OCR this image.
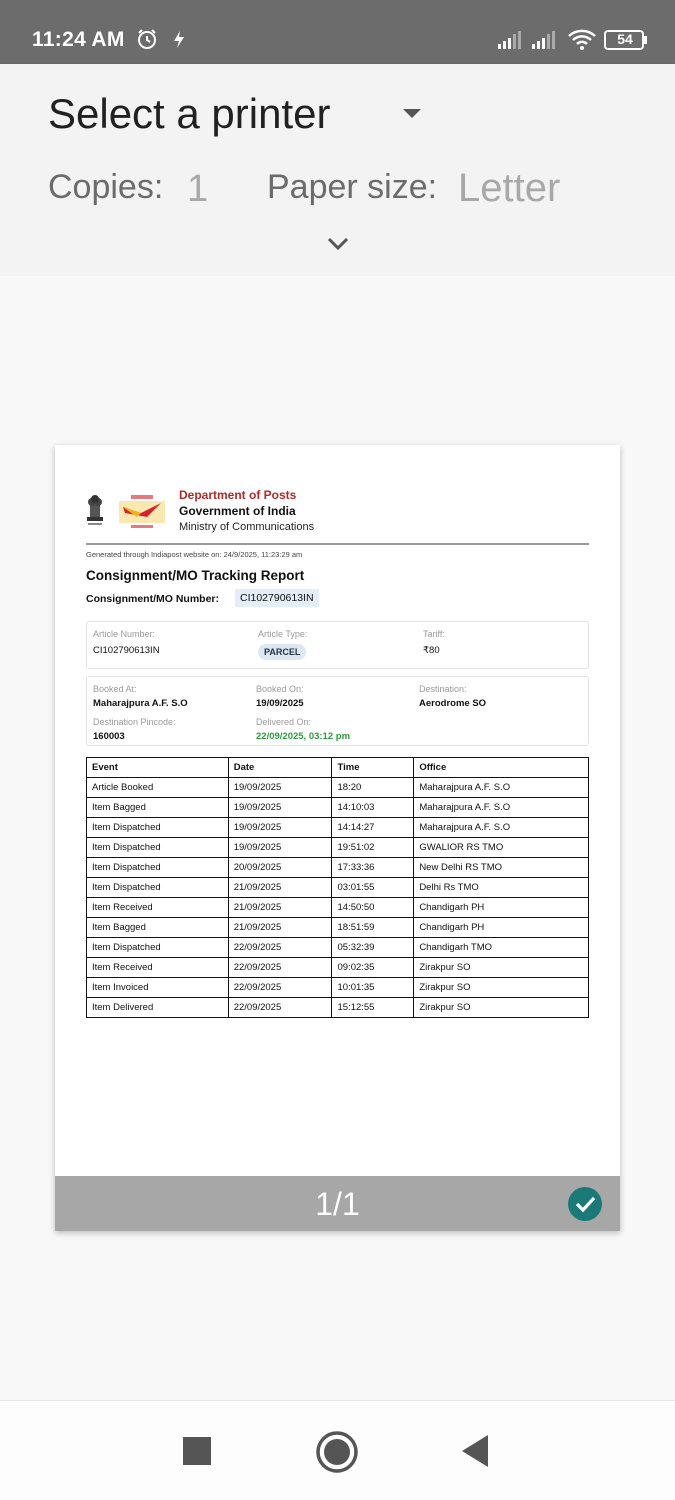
11:24 AM	54
Select a printer
Copies: 1 Paper size: Letter
Department of Posts
Government of India
Ministry of Communications
Generated through Indiapost website on: 24/9/2025, 11:23:29 am
Consignment/MO Tracking Report
Consignment/MO Number:	CI102790613IN
Article Number:
CI102790613IN
Article Type:
PARCEL
Tariff:
₹80
Booked At:
Maharajpura A.F. S.O
Booked On:
19/09/2025
Destination:
Aerodrome SO
Destination Pincode:
160003
Delivered On:
22/09/2025, 03:12 pm
Event	Date	Time	Office
Article Booked	19/09/2025	18:20	Maharajpura A.F. S.O
Item Bagged	19/09/2025	14:10:03	Maharajpura A.F. S.O
Item Dispatched	19/09/2025	14:14:27	Maharajpura A.F. S.O
Item Dispatched	19/09/2025	19:51:02	GWALIOR RS TMO
Item Dispatched	20/09/2025	17:33:36	New Delhi RS TMO
Item Dispatched	21/09/2025	03:01:55	Delhi Rs TMO
Item Received	21/09/2025	14:50:50	Chandigarh PH
Item Bagged	21/09/2025	18:51:59	Chandigarh PH
Item Dispatched	22/09/2025	05:32:39	Chandigarh TMO
Item Received	22/09/2025	09:02:35	Zirakpur SO
Item Invoiced	22/09/2025	10:01:35	Zirakpur SO
Item Delivered	22/09/2025	15:12:55	Zirakpur SO
1/1
